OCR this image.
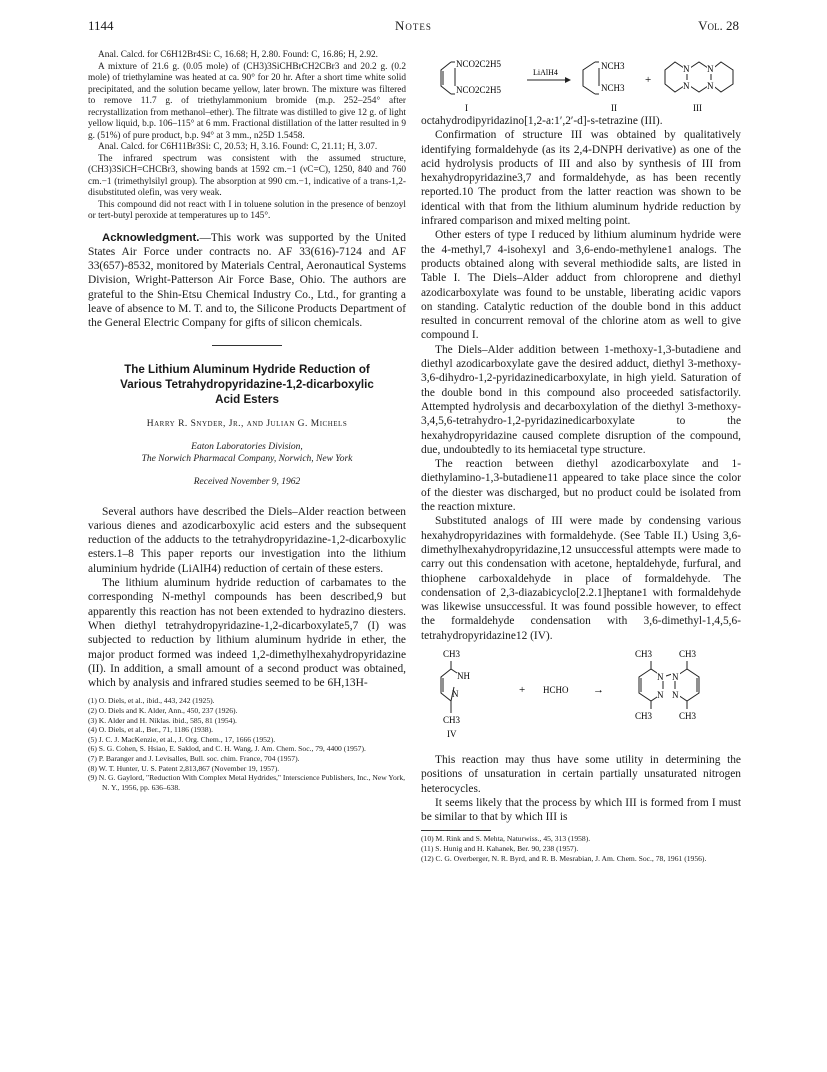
1144	Notes	Vol. 28

Anal. Calcd. for C6H12Br4Si: C, 16.68; H, 2.80. Found: C, 16.86; H, 2.92.

A mixture of 21.6 g. (0.05 mole) of (CH3)3SiCHBrCH2CBr3 and 20.2 g. (0.2 mole) of triethylamine was heated at ca. 90° for 20 hr. After a short time white solid precipitated, and the solution became yellow, later brown. The mixture was filtered to remove 11.7 g. of triethylammonium bromide (m.p. 252–254° after recrystallization from methanol–ether). The filtrate was distilled to give 12 g. of light yellow liquid, b.p. 106–115° at 6 mm. Fractional distillation of the latter resulted in 9 g. (51%) of pure product, b.p. 94° at 3 mm., n25D 1.5458.

Anal. Calcd. for C6H11Br3Si: C, 20.53; H, 3.16. Found: C, 21.11; H, 3.07.

The infrared spectrum was consistent with the assumed structure, (CH3)3SiCH=CHCBr3, showing bands at 1592 cm.−1 (νC=C), 1250, 840 and 760 cm.−1 (trimethylsilyl group). The absorption at 990 cm.−1, indicative of a trans-1,2-disubstituted olefin, was very weak.

This compound did not react with I in toluene solution in the presence of benzoyl or tert-butyl peroxide at temperatures up to 145°.

Acknowledgment.—This work was supported by the United States Air Force under contracts no. AF 33(616)-7124 and AF 33(657)-8532, monitored by Materials Central, Aeronautical Systems Division, Wright-Patterson Air Force Base, Ohio. The authors are grateful to the Shin-Etsu Chemical Industry Co., Ltd., for granting a leave of absence to M. T. and to, the Silicone Products Department of the General Electric Company for gifts of silicon chemicals.

The Lithium Aluminum Hydride Reduction of Various Tetrahydropyridazine-1,2-dicarboxylic Acid Esters
Harry R. Snyder, Jr., and Julian G. Michels
Eaton Laboratories Division,
The Norwich Pharmacal Company, Norwich, New York
Received November 9, 1962

Several authors have described the Diels–Alder reaction between various dienes and azodicarboxylic acid esters and the subsequent reduction of the adducts to the tetrahydropyridazine-1,2-dicarboxylic esters.1–8 This paper reports our investigation into the lithium aluminium hydride (LiAlH4) reduction of certain of these esters.

The lithium aluminum hydride reduction of carbamates to the corresponding N-methyl compounds has been described,9 but apparently this reaction has not been extended to hydrazino diesters. When diethyl tetrahydropyridazine-1,2-dicarboxylate5,7 (I) was subjected to reduction by lithium aluminum hydride in ether, the major product formed was indeed 1,2-dimethylhexahydropyridazine (II). In addition, a small amount of a second product was obtained, which by analysis and infrared studies seemed to be 6H,13H-

(1) O. Diels, et al., ibid., 443, 242 (1925).
(2) O. Diels and K. Alder, Ann., 450, 237 (1926).
(3) K. Alder and H. Niklas. ibid., 585, 81 (1954).
(4) O. Diels, et al., Ber., 71, 1186 (1938).
(5) J. C. J. MacKenzie, et al., J. Org. Chem., 17, 1666 (1952).
(6) S. G. Cohen, S. Hsiao, E. Saklod, and C. H. Wang, J. Am. Chem. Soc., 79, 4400 (1957).
(7) P. Baranger and J. Levisalles, Bull. soc. chim. France, 704 (1957).
(8) W. T. Hunter, U. S. Patent 2,813,867 (November 19, 1957).
(9) N. G. Gaylord, "Reduction With Complex Metal Hydrides," Interscience Publishers, Inc., New York, N. Y., 1956, pp. 636–638.
NCO2C2H5
NCO2C2H5
I
LiAlH4
NCH3
NCH3
II
+
N N
N N
III

octahydrodipyridazino[1,2-a:1′,2′-d]-s-tetrazine (III).

Confirmation of structure III was obtained by qualitatively identifying formaldehyde (as its 2,4-DNPH derivative) as one of the acid hydrolysis products of III and also by synthesis of III from hexahydropyridazine3,7 and formaldehyde, as has been recently reported.10 The product from the latter reaction was shown to be identical with that from the lithium aluminum hydride reduction by infrared comparison and mixed melting point.

Other esters of type I reduced by lithium aluminum hydride were the 4-methyl,7 4-isohexyl and 3,6-endo-methylene1 analogs. The products obtained along with several methiodide salts, are listed in Table I. The Diels–Alder adduct from chloroprene and diethyl azodicarboxylate was found to be unstable, liberating acidic vapors on standing. Catalytic reduction of the double bond in this adduct resulted in concurrent removal of the chlorine atom as well to give compound I.

The Diels–Alder addition between 1-methoxy-1,3-butadiene and diethyl azodicarboxylate gave the desired adduct, diethyl 3-methoxy-3,6-dihydro-1,2-pyridazinedicarboxylate, in high yield. Saturation of the double bond in this compound also proceeded satisfactorily. Attempted hydrolysis and decarboxylation of the diethyl 3-methoxy-3,4,5,6-tetrahydro-1,2-pyridazinedicarboxylate to the hexahydropyridazine caused complete disruption of the compound, due, undoubtedly to its hemiacetal type structure.

The reaction between diethyl azodicarboxylate and 1-diethylamino-1,3-butadiene11 appeared to take place since the color of the diester was discharged, but no product could be isolated from the reaction mixture.

Substituted analogs of III were made by condensing various hexahydropyridazines with formaldehyde. (See Table II.) Using 3,6-dimethylhexahydropyridazine,12 unsuccessful attempts were made to carry out this condensation with acetone, heptaldehyde, furfural, and thiophene carboxaldehyde in place of formaldehyde. The condensation of 2,3-diazabicyclo[2.2.1]heptane1 with formaldehyde was likewise unsuccessful. It was found possible however, to effect the formaldehyde condensation with 3,6-dimethyl-1,4,5,6-tetrahydropyridazine12 (IV).

CH3
NH
N
CH3
IV
+ HCHO →
CH3	CH3
N
N
N
N
CH3	CH3

This reaction may thus have some utility in determining the positions of unsaturation in certain partially unsaturated nitrogen heterocycles.

It seems likely that the process by which III is formed from I must be similar to that by which III is

(10) M. Rink and S. Mehta, Naturwiss., 45, 313 (1958).
(11) S. Hunig and H. Kahanek, Ber. 90, 238 (1957).
(12) C. G. Overberger, N. R. Byrd, and R. B. Mesrabian, J. Am. Chem. Soc., 78, 1961 (1956).
